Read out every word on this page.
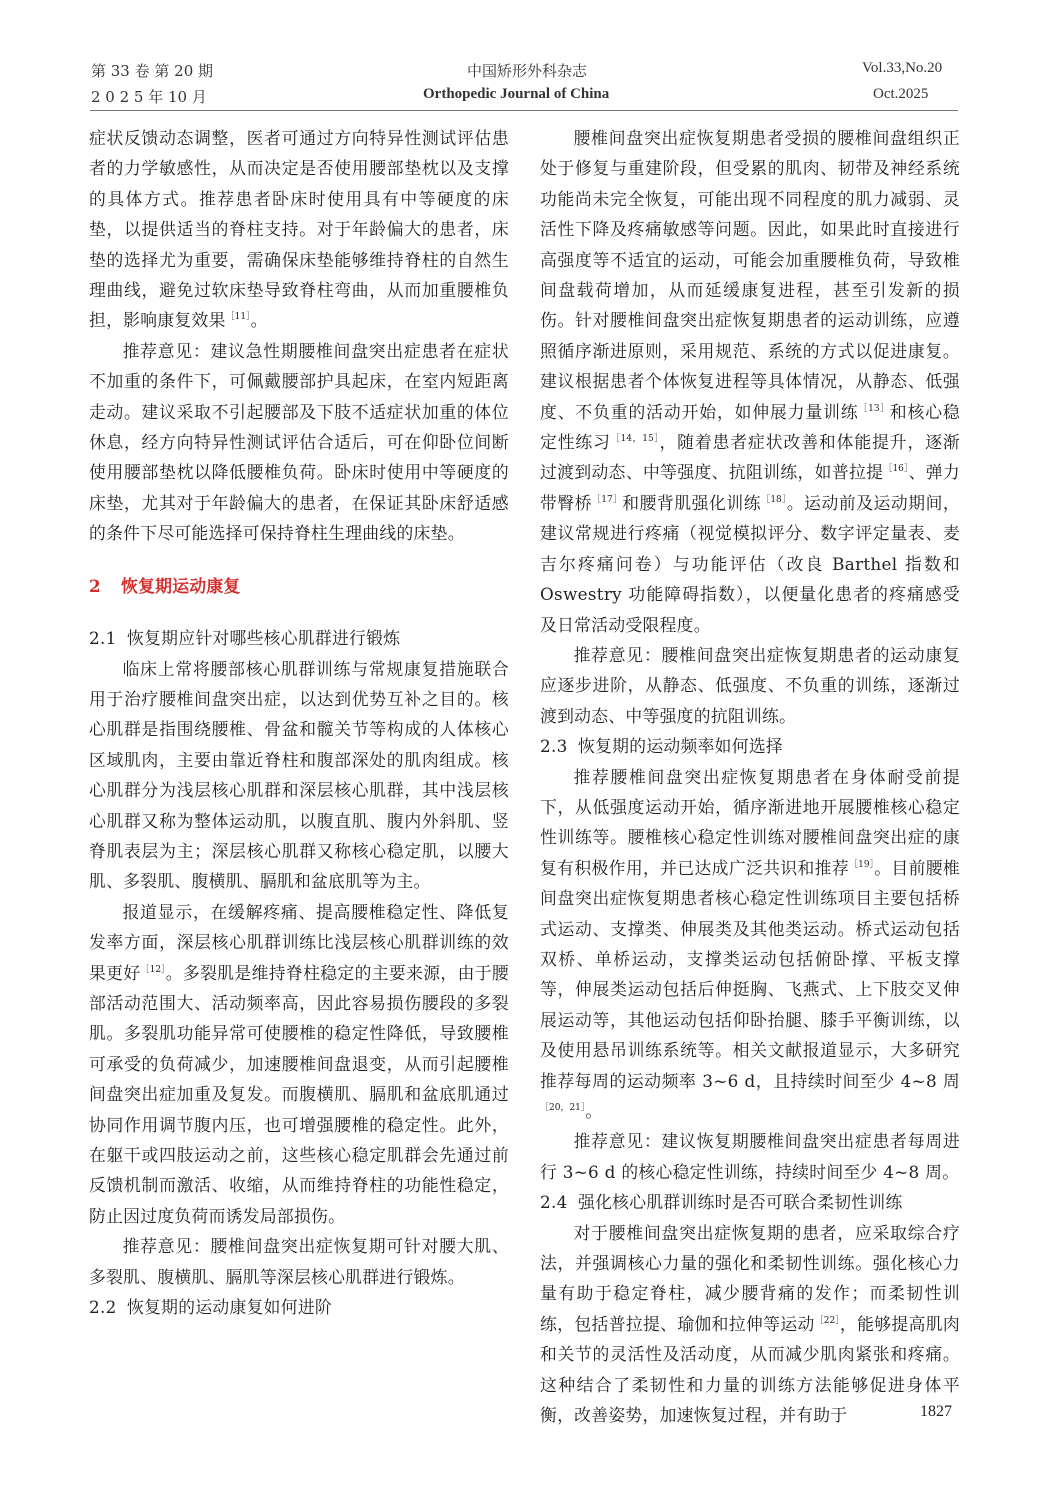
第 33 卷 第 20 期
2 0 2 5 年 10 月
中国矫形外科杂志
Orthopedic Journal of China
Vol.33,No.20
Oct.2025

症状反馈动态调整，医者可通过方向特异性测试评估患者的力学敏感性，从而决定是否使用腰部垫枕以及支撑的具体方式。推荐患者卧床时使用具有中等硬度的床垫，以提供适当的脊柱支持。对于年龄偏大的患者，床垫的选择尤为重要，需确保床垫能够维持脊柱的自然生理曲线，避免过软床垫导致脊柱弯曲，从而加重腰椎负担，影响康复效果$^{[11]}$。

推荐意见：建议急性期腰椎间盘突出症患者在症状不加重的条件下，可佩戴腰部护具起床，在室内短距离走动。建议采取不引起腰部及下肢不适症状加重的体位休息，经方向特异性测试评估合适后，可在仰卧位间断使用腰部垫枕以降低腰椎负荷。卧床时使用中等硬度的床垫，尤其对于年龄偏大的患者，在保证其卧床舒适感的条件下尽可能选择可保持脊柱生理曲线的床垫。

2 恢复期运动康复
2.1 恢复期应针对哪些核心肌群进行锻炼

临床上常将腰部核心肌群训练与常规康复措施联合用于治疗腰椎间盘突出症，以达到优势互补之目的。核心肌群是指围绕腰椎、骨盆和髋关节等构成的人体核心区域肌肉，主要由靠近脊柱和腹部深处的肌肉组成。核心肌群分为浅层核心肌群和深层核心肌群，其中浅层核心肌群又称为整体运动肌，以腹直肌、腹内外斜肌、竖脊肌表层为主；深层核心肌群又称核心稳定肌，以腰大肌、多裂肌、腹横肌、膈肌和盆底肌等为主。

报道显示，在缓解疼痛、提高腰椎稳定性、降低复发率方面，深层核心肌群训练比浅层核心肌群训练的效果更好$^{[12]}$。多裂肌是维持脊柱稳定的主要来源，由于腰部活动范围大、活动频率高，因此容易损伤腰段的多裂肌。多裂肌功能异常可使腰椎的稳定性降低，导致腰椎可承受的负荷减少，加速腰椎间盘退变，从而引起腰椎间盘突出症加重及复发。而腹横肌、膈肌和盆底肌通过协同作用调节腹内压，也可增强腰椎的稳定性。此外，在躯干或四肢运动之前，这些核心稳定肌群会先通过前反馈机制而激活、收缩，从而维持脊柱的功能性稳定，防止因过度负荷而诱发局部损伤。

推荐意见：腰椎间盘突出症恢复期可针对腰大肌、多裂肌、腹横肌、膈肌等深层核心肌群进行锻炼。

2.2 恢复期的运动康复如何进阶

腰椎间盘突出症恢复期患者受损的腰椎间盘组织正处于修复与重建阶段，但受累的肌肉、韧带及神经系统功能尚未完全恢复，可能出现不同程度的肌力减弱、灵活性下降及疼痛敏感等问题。因此，如果此时直接进行高强度等不适宜的运动，可能会加重腰椎负荷，导致椎间盘载荷增加，从而延缓康复进程，甚至引发新的损伤。针对腰椎间盘突出症恢复期患者的运动训练，应遵照循序渐进原则，采用规范、系统的方式以促进康复。建议根据患者个体恢复进程等具体情况，从静态、低强度、不负重的活动开始，如伸展力量训练$^{[13]}$和核心稳定性练习$^{[14,15]}$，随着患者症状改善和体能提升，逐渐过渡到动态、中等强度、抗阻训练，如普拉提$^{[16]}$、弹力带臀桥$^{[17]}$和腰背肌强化训练$^{[18]}$。运动前及运动期间，建议常规进行疼痛（视觉模拟评分、数字评定量表、麦吉尔疼痛问卷）与功能评估（改良 Barthel 指数和 Oswestry 功能障碍指数），以便量化患者的疼痛感受及日常活动受限程度。

推荐意见：腰椎间盘突出症恢复期患者的运动康复应逐步进阶，从静态、低强度、不负重的训练，逐渐过渡到动态、中等强度的抗阻训练。

2.3 恢复期的运动频率如何选择

推荐腰椎间盘突出症恢复期患者在身体耐受前提下，从低强度运动开始，循序渐进地开展腰椎核心稳定性训练等。腰椎核心稳定性训练对腰椎间盘突出症的康复有积极作用，并已达成广泛共识和推荐$^{[19]}$。目前腰椎间盘突出症恢复期患者核心稳定性训练项目主要包括桥式运动、支撑类、伸展类及其他类运动。桥式运动包括双桥、单桥运动，支撑类运动包括俯卧撑、平板支撑等，伸展类运动包括后伸挺胸、飞燕式、上下肢交叉伸展运动等，其他运动包括仰卧抬腿、膝手平衡训练，以及使用悬吊训练系统等。相关文献报道显示，大多研究推荐每周的运动频率 3~6 d，且持续时间至少 4~8 周$^{[20,21]}$。

推荐意见：建议恢复期腰椎间盘突出症患者每周进行 3~6 d 的核心稳定性训练，持续时间至少 4~8 周。

2.4 强化核心肌群训练时是否可联合柔韧性训练

对于腰椎间盘突出症恢复期的患者，应采取综合疗法，并强调核心力量的强化和柔韧性训练。强化核心力量有助于稳定脊柱，减少腰背痛的发作；而柔韧性训练，包括普拉提、瑜伽和拉伸等运动$^{[22]}$，能够提高肌肉和关节的灵活性及活动度，从而减少肌肉紧张和疼痛。这种结合了柔韧性和力量的训练方法能够促进身体平衡，改善姿势，加速恢复过程，并有助于	1827
